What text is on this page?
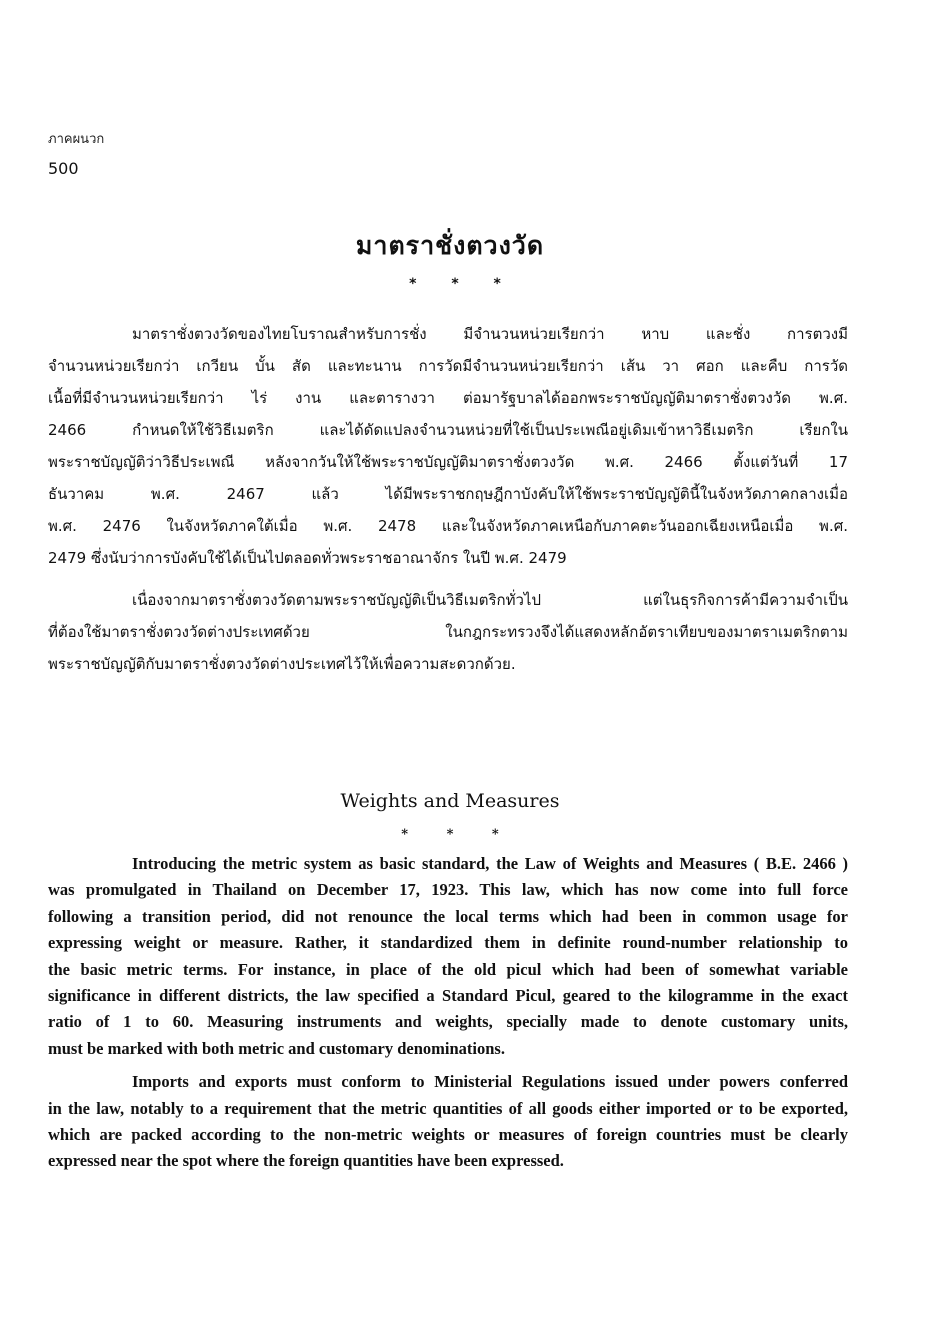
ภาคผนวก
500
มาตราชั่งตวงวัด
* * *
มาตราชั่งตวงวัดของไทยโบราณสำหรับการชั่ง มีจำนวนหน่วยเรียกว่า หาบ และชั่ง การตวงมี
จำนวนหน่วยเรียกว่า เกวียน บั้น สัด และทะนาน การวัดมีจำนวนหน่วยเรียกว่า เส้น วา ศอก และคืบ การวัด
เนื้อที่มีจำนวนหน่วยเรียกว่า ไร่ งาน และตารางวา ต่อมารัฐบาลได้ออกพระราชบัญญัติมาตราชั่งตวงวัด พ.ศ.
2466 กำหนดให้ใช้วิธีเมตริก และได้ดัดแปลงจำนวนหน่วยที่ใช้เป็นประเพณีอยู่เดิมเข้าหาวิธีเมตริก เรียกใน
พระราชบัญญัติว่าวิธีประเพณี หลังจากวันให้ใช้พระราชบัญญัติมาตราชั่งตวงวัด พ.ศ. 2466 ตั้งแต่วันที่ 17
ธันวาคม พ.ศ. 2467 แล้ว ได้มีพระราชกฤษฎีกาบังคับให้ใช้พระราชบัญญัตินี้ในจังหวัดภาคกลางเมื่อ
พ.ศ. 2476 ในจังหวัดภาคใต้เมื่อ พ.ศ. 2478 และในจังหวัดภาคเหนือกับภาคตะวันออกเฉียงเหนือเมื่อ พ.ศ.
2479 ซึ่งนับว่าการบังคับใช้ได้เป็นไปตลอดทั่วพระราชอาณาจักร ในปี พ.ศ. 2479
เนื่องจากมาตราชั่งตวงวัดตามพระราชบัญญัติเป็นวิธีเมตริกทั่วไป แต่ในธุรกิจการค้ามีความจำเป็น
ที่ต้องใช้มาตราชั่งตวงวัดต่างประเทศด้วย ในกฎกระทรวงจึงได้แสดงหลักอัตราเทียบของมาตราเมตริกตาม
พระราชบัญญัติกับมาตราชั่งตวงวัดต่างประเทศไว้ให้เพื่อความสะดวกด้วย.
Weights and Measures
* * *
Introducing the metric system as basic standard, the Law of Weights and Measures ( B.E. 2466 )
was promulgated in Thailand on December 17, 1923. This law, which has now come into full force
following a transition period, did not renounce the local terms which had been in common usage for
expressing weight or measure. Rather, it standardized them in definite round-number relationship to
the basic metric terms. For instance, in place of the old picul which had been of somewhat variable
significance in different districts, the law specified a Standard Picul, geared to the kilogramme in the exact
ratio of 1 to 60. Measuring instruments and weights, specially made to denote customary units,
must be marked with both metric and customary denominations.
Imports and exports must conform to Ministerial Regulations issued under powers conferred
in the law, notably to a requirement that the metric quantities of all goods either imported or to be exported,
which are packed according to the non-metric weights or measures of foreign countries must be clearly
expressed near the spot where the foreign quantities have been expressed.
